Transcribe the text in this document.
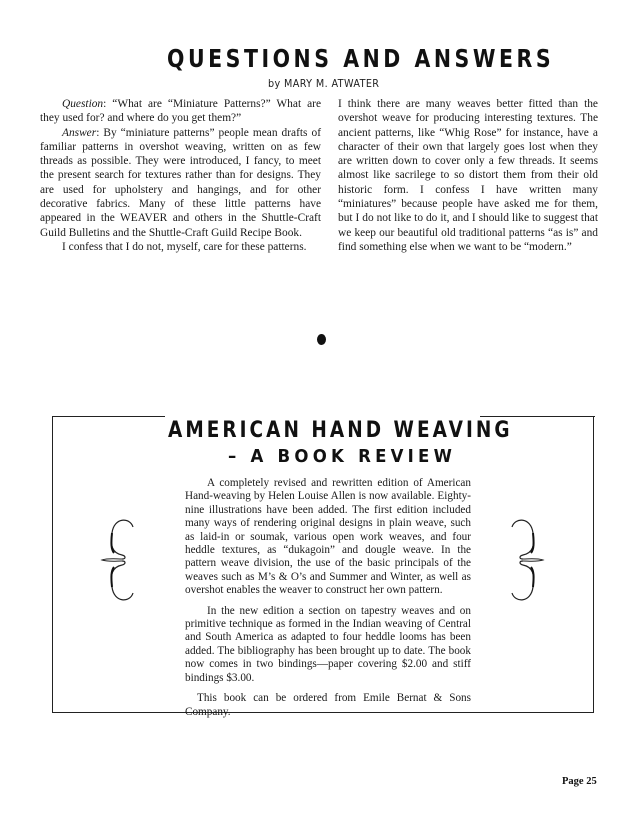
QUESTIONS AND ANSWERS
by MARY M. ATWATER

Question: “What are “Miniature Patterns?” What are they used for? and where do you get them?”

Answer: By “miniature patterns” people mean drafts of familiar patterns in overshot weaving, written on as few threads as possible. They were introduced, I fancy, to meet the present search for textures rather than for designs. They are used for upholstery and hangings, and for other decorative fabrics. Many of these little patterns have appeared in the WEAVER and others in the Shuttle-Craft Guild Bulletins and the Shuttle-Craft Guild Recipe Book.

I confess that I do not, myself, care for these patterns.

I think there are many weaves better fitted than the overshot weave for producing interesting textures. The ancient patterns, like “Whig Rose” for instance, have a character of their own that largely goes lost when they are written down to cover only a few threads. It seems almost like sacrilege to so distort them from their old historic form. I confess I have written many “miniatures” because people have asked me for them, but I do not like to do it, and I should like to suggest that we keep our beautiful old traditional patterns “as is” and find something else when we want to be “modern.”

AMERICAN HAND WEAVING
– A BOOK REVIEW

A completely revised and rewritten edition of American Hand-weaving by Helen Louise Allen is now available. Eighty-nine illustrations have been added. The first edition included many ways of rendering original designs in plain weave, such as laid-in or soumak, various open work weaves, and four heddle textures, as “dukagoin” and dougle weave. In the pattern weave division, the use of the basic principals of the weaves such as M’s & O’s and Summer and Winter, as well as overshot enables the weaver to construct her own pattern.

In the new edition a section on tapestry weaves and on primitive technique as formed in the Indian weaving of Central and South America as adapted to four heddle looms has been added. The bibliography has been brought up to date. The book now comes in two bindings—paper covering $2.00 and stiff bindings $3.00.

This book can be ordered from Emile Bernat & Sons Company.

Page 25
